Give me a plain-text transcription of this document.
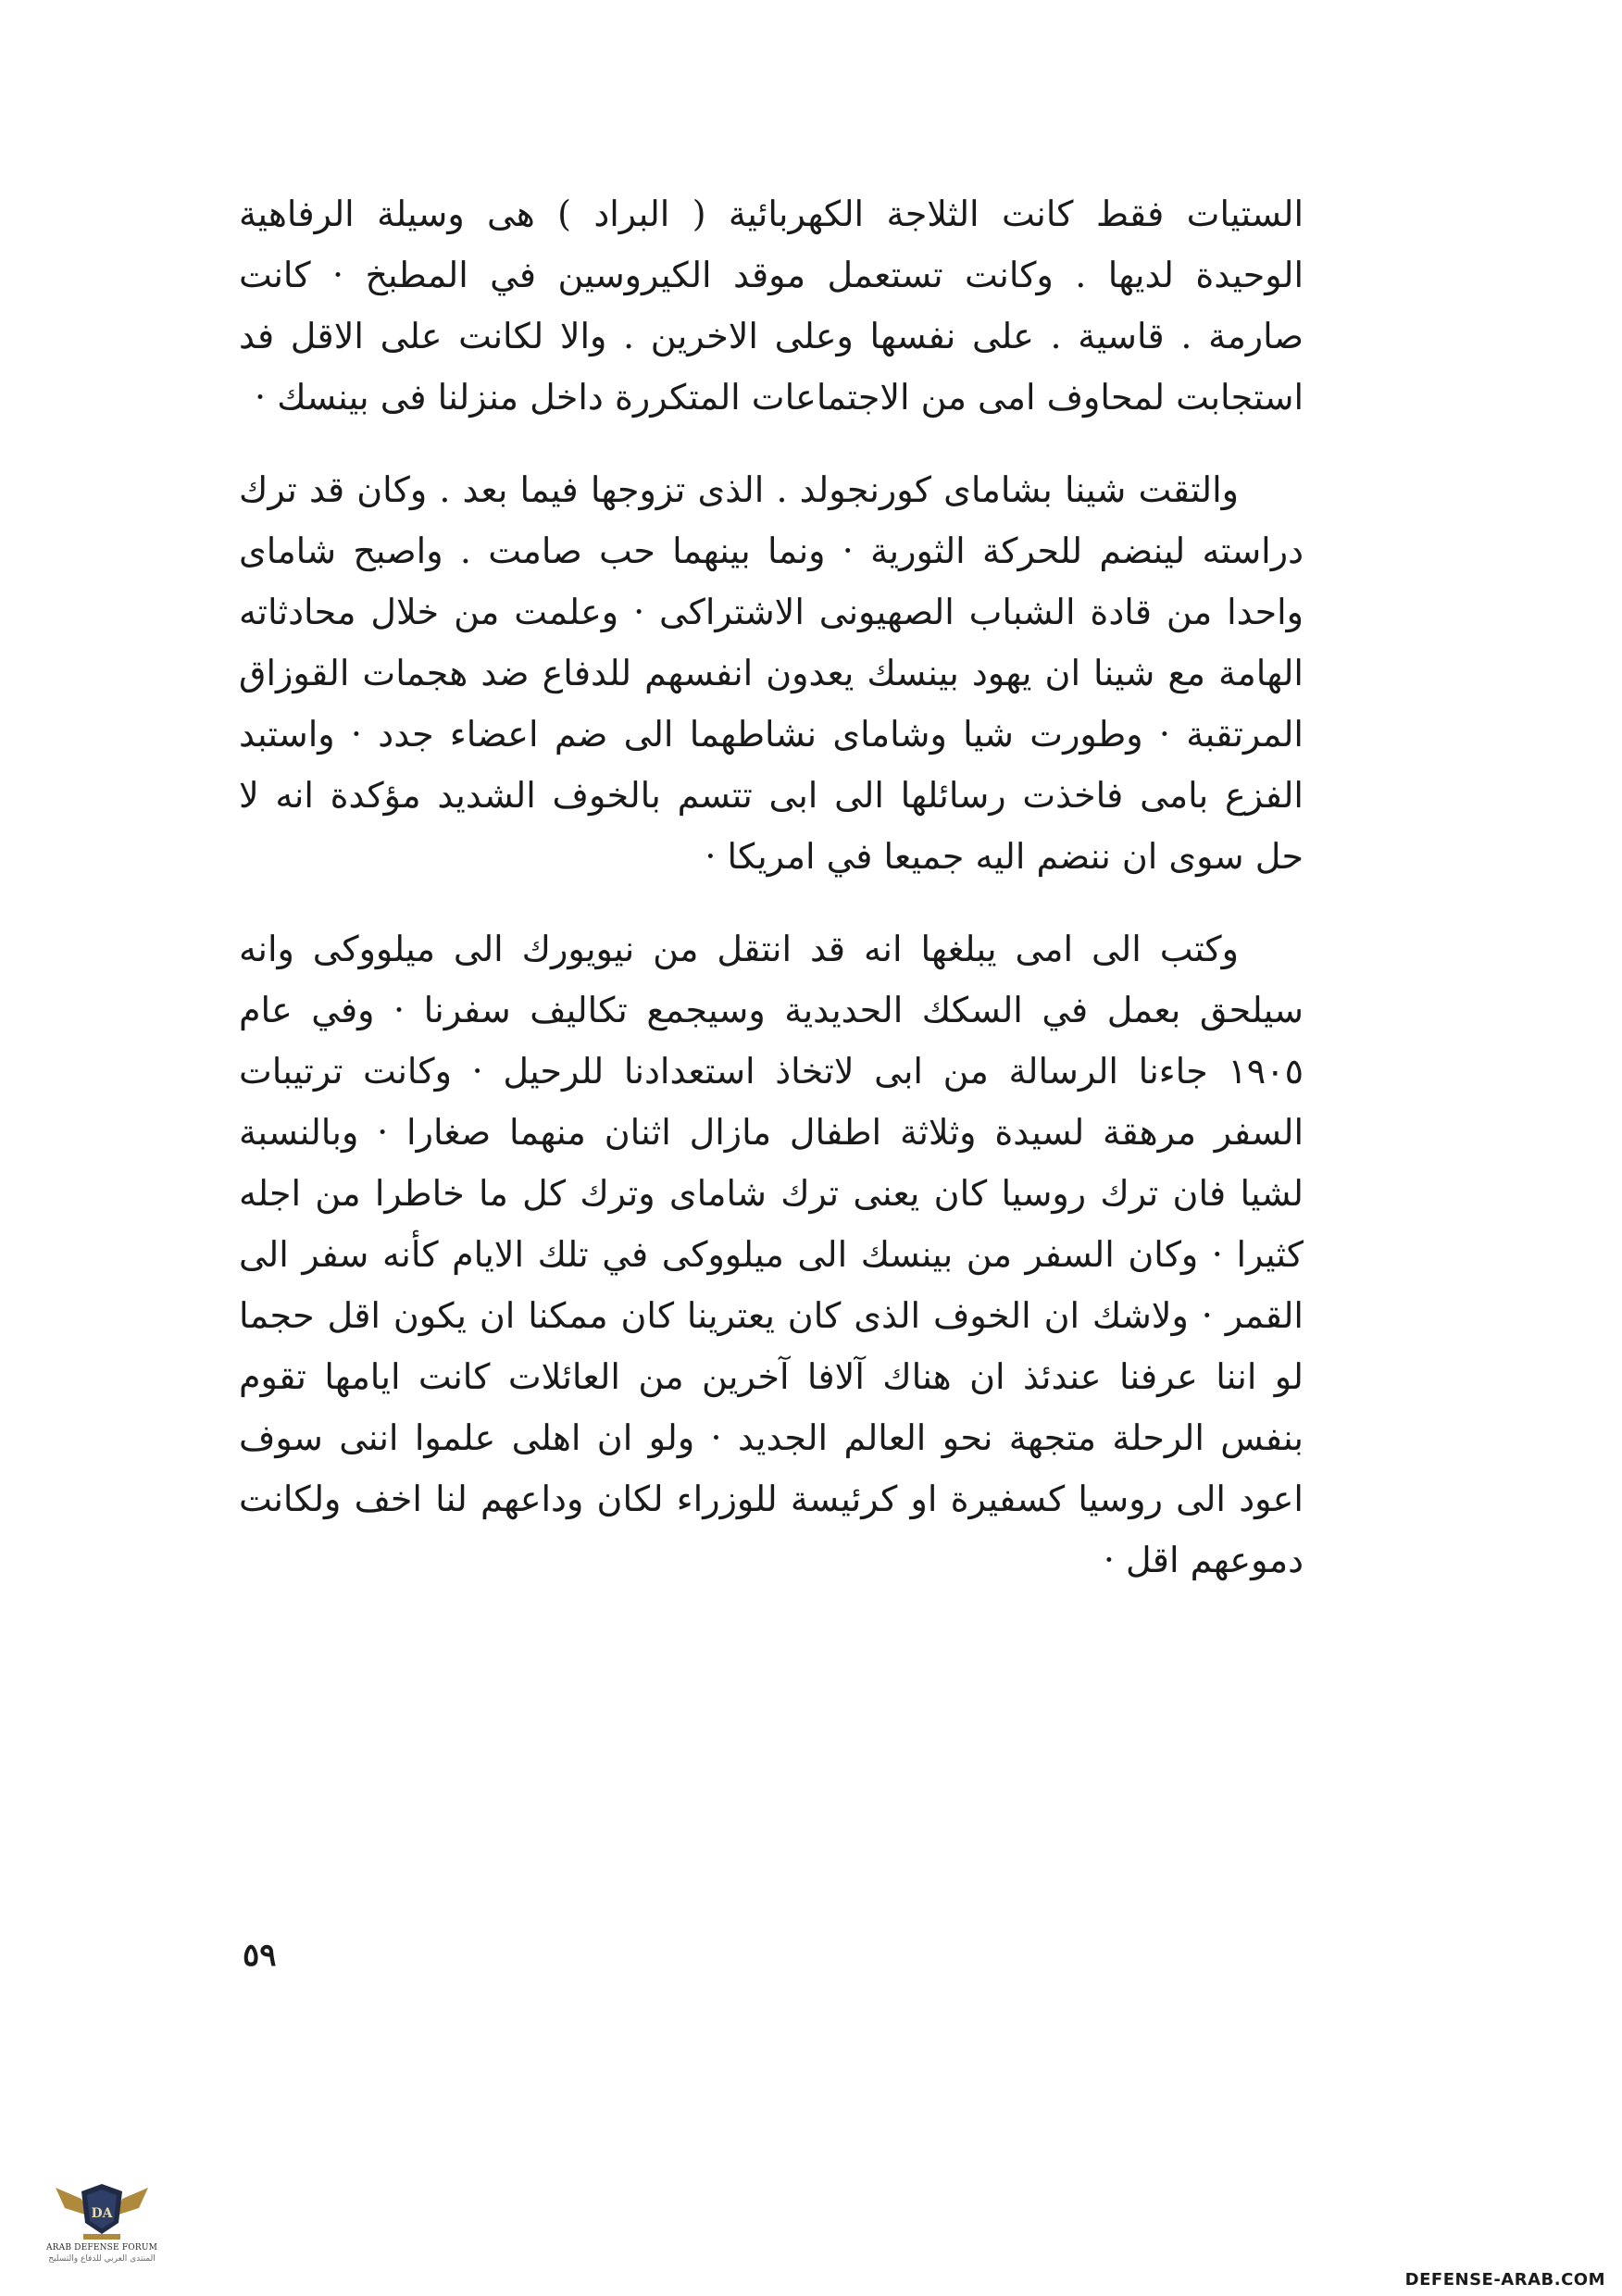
الستيات فقط كانت الثلاجة الكهربائية ( البراد ) هى وسيلة الرفاهية الوحيدة لديها . وكانت تستعمل موقد الكيروسين في المطبخ · كانت صارمة . قاسية . على نفسها وعلى الاخرين . والا لكانت على الاقل فد استجابت لمحاوف امى من الاجتماعات المتكررة داخل منزلنا فى بينسك ·

والتقت شينا بشاماى كورنجولد . الذى تزوجها فيما بعد . وكان قد ترك دراسته لينضم للحركة الثورية · ونما بينهما حب صامت . واصبح شاماى واحدا من قادة الشباب الصهيونى الاشتراكى · وعلمت من خلال محادثاته الهامة مع شينا ان يهود بينسك يعدون انفسهم للدفاع ضد هجمات القوزاق المرتقبة · وطورت شيا وشاماى نشاطهما الى ضم اعضاء جدد · واستبد الفزع بامى فاخذت رسائلها الى ابى تتسم بالخوف الشديد مؤكدة انه لا حل سوى ان ننضم اليه جميعا في امريكا ·

وكتب الى امى يبلغها انه قد انتقل من نيويورك الى ميلووكى وانه سيلحق بعمل في السكك الحديدية وسيجمع تكاليف سفرنا · وفي عام ١٩٠٥ جاءنا الرسالة من ابى لاتخاذ استعدادنا للرحيل · وكانت ترتيبات السفر مرهقة لسيدة وثلاثة اطفال مازال اثنان منهما صغارا · وبالنسبة لشيا فان ترك روسيا كان يعنى ترك شاماى وترك كل ما خاطرا من اجله كثيرا · وكان السفر من بينسك الى ميلووكى في تلك الايام كأنه سفر الى القمر · ولاشك ان الخوف الذى كان يعترينا كان ممكنا ان يكون اقل حجما لو اننا عرفنا عندئذ ان هناك آلافا آخرين من العائلات كانت ايامها تقوم بنفس الرحلة متجهة نحو العالم الجديد · ولو ان اهلى علموا اننى سوف اعود الى روسيا كسفيرة او كرئيسة للوزراء لكان وداعهم لنا اخف ولكانت دموعهم اقل ·

٥٩
DA
ARAB DEFENSE FORUM
المنتدى العربي للدفاع والتسليح
DEFENSE-ARAB.COM
